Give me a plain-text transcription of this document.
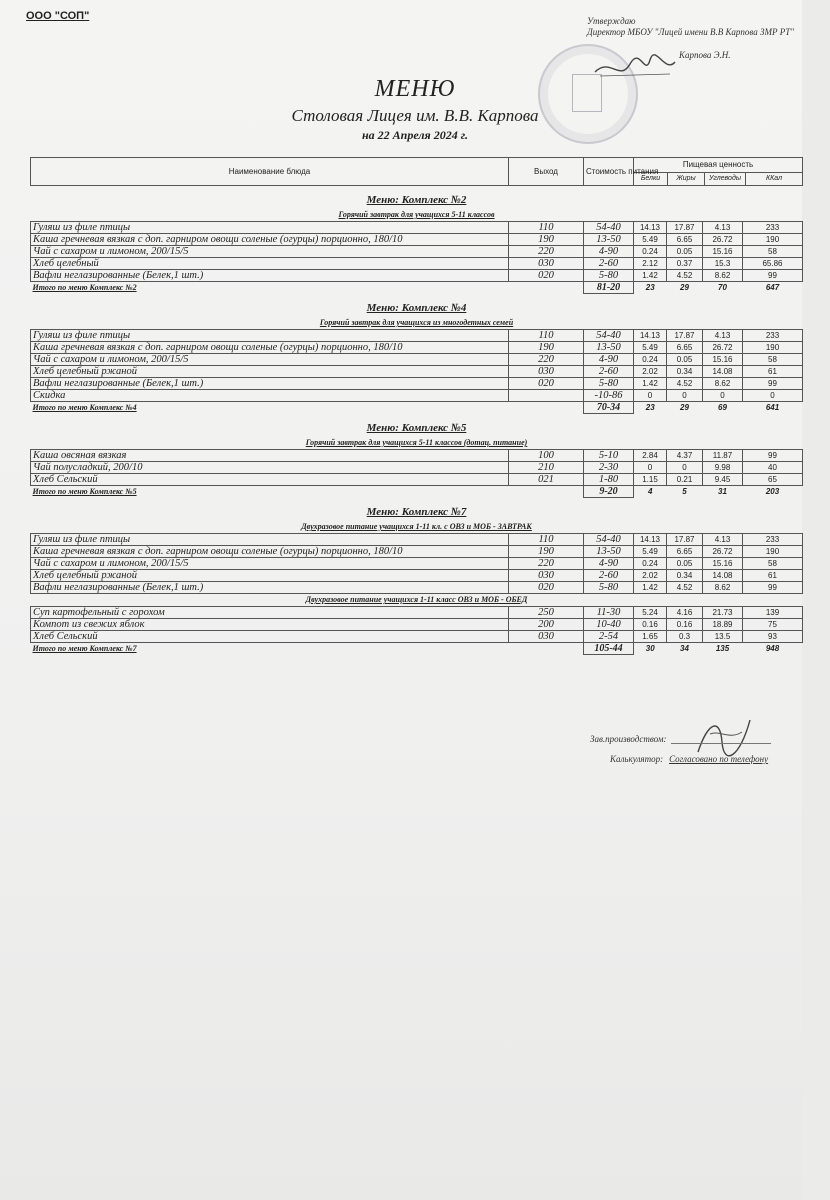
ООО "СОП"	Утверждаю
Директор МБОУ "Лицей имени В.В Карпова ЗМР РТ"
Карпова Э.Н.
МЕНЮ
Столовая Лицея им. В.В. Карпова
на 22 Апреля 2024 г.
Наименование блюда	Выход	Стоимость питания	Пищевая ценность
Белки Жиры Углеводы ККал			

Меню: Комплекс №2						
Горячий завтрак для учащихся 5-11 классов						
Гуляш из филе птицы	110	54-40	14.13	17.87	4.13	233
Каша гречневая вязкая с доп. гарниром овощи соленые (огурцы) порционно, 180/10	190	13-50	5.49	6.65	26.72	190
Чай с сахаром и лимоном, 200/15/5	220	4-90	0.24	0.05	15.16	58
Хлеб целебный	030	2-60	2.12	0.37	15.3	65.86
Вафли неглазированные (Белек,1 шт.)	020	5-80	1.42	4.52	8.62	99
Итого по меню Комплекс №2		81-20	23	29	70	647
Меню: Комплекс №4						
Горячий завтрак для учащихся из многодетных семей						
Гуляш из филе птицы	110	54-40	14.13	17.87	4.13	233
Каша гречневая вязкая с доп. гарниром овощи соленые (огурцы) порционно, 180/10	190	13-50	5.49	6.65	26.72	190
Чай с сахаром и лимоном, 200/15/5	220	4-90	0.24	0.05	15.16	58
Хлеб целебный ржаной	030	2-60	2.02	0.34	14.08	61
Вафли неглазированные (Белек,1 шт.)	020	5-80	1.42	4.52	8.62	99
Скидка		-10-86	0	0	0	0
Итого по меню Комплекс №4		70-34	23	29	69	641
Меню: Комплекс №5						
Горячий завтрак для учащихся 5-11 классов (дотац. питание)						
Каша овсяная вязкая	100	5-10	2.84	4.37	11.87	99
Чай полусладкий, 200/10	210	2-30	0	0	9.98	40
Хлеб Сельский	021	1-80	1.15	0.21	9.45	65
Итого по меню Комплекс №5		9-20	4	5	31	203
Меню: Комплекс №7						
Двухразовое питание учащихся 1-11 кл. с ОВЗ и МОБ - ЗАВТРАК						
Гуляш из филе птицы	110	54-40	14.13	17.87	4.13	233
Каша гречневая вязкая с доп. гарниром овощи соленые (огурцы) порционно, 180/10	190	13-50	5.49	6.65	26.72	190
Чай с сахаром и лимоном, 200/15/5	220	4-90	0.24	0.05	15.16	58
Хлеб целебный ржаной	030	2-60	2.02	0.34	14.08	61
Вафли неглазированные (Белек,1 шт.)	020	5-80	1.42	4.52	8.62	99
Двухразовое питание учащихся 1-11 класс ОВЗ и МОБ - ОБЕД						
Суп картофельный с горохом	250	11-30	5.24	4.16	21.73	139
Компот из свежих яблок	200	10-40	0.16	0.16	18.89	75
Хлеб Сельский	030	2-54	1.65	0.3	13.5	93
Итого по меню Комплекс №7		105-44	30	34	135	948
Зав.производством:
Калькулятор: Согласовано по телефону
